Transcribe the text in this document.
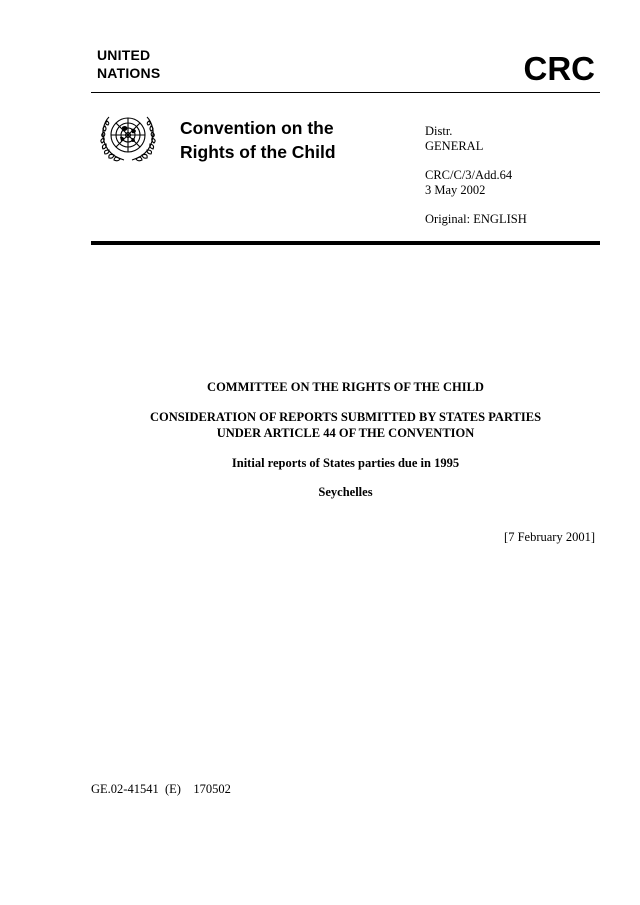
UNITED
NATIONS	CRC
Convention on the
Rights of the Child
Distr.
GENERAL
CRC/C/3/Add.64
3 May 2002
Original: ENGLISH
COMMITTEE ON THE RIGHTS OF THE CHILD
CONSIDERATION OF REPORTS SUBMITTED BY STATES PARTIES
UNDER ARTICLE 44 OF THE CONVENTION
Initial reports of States parties due in 1995
Seychelles
[7 February 2001]
GE.02-41541  (E)    170502
